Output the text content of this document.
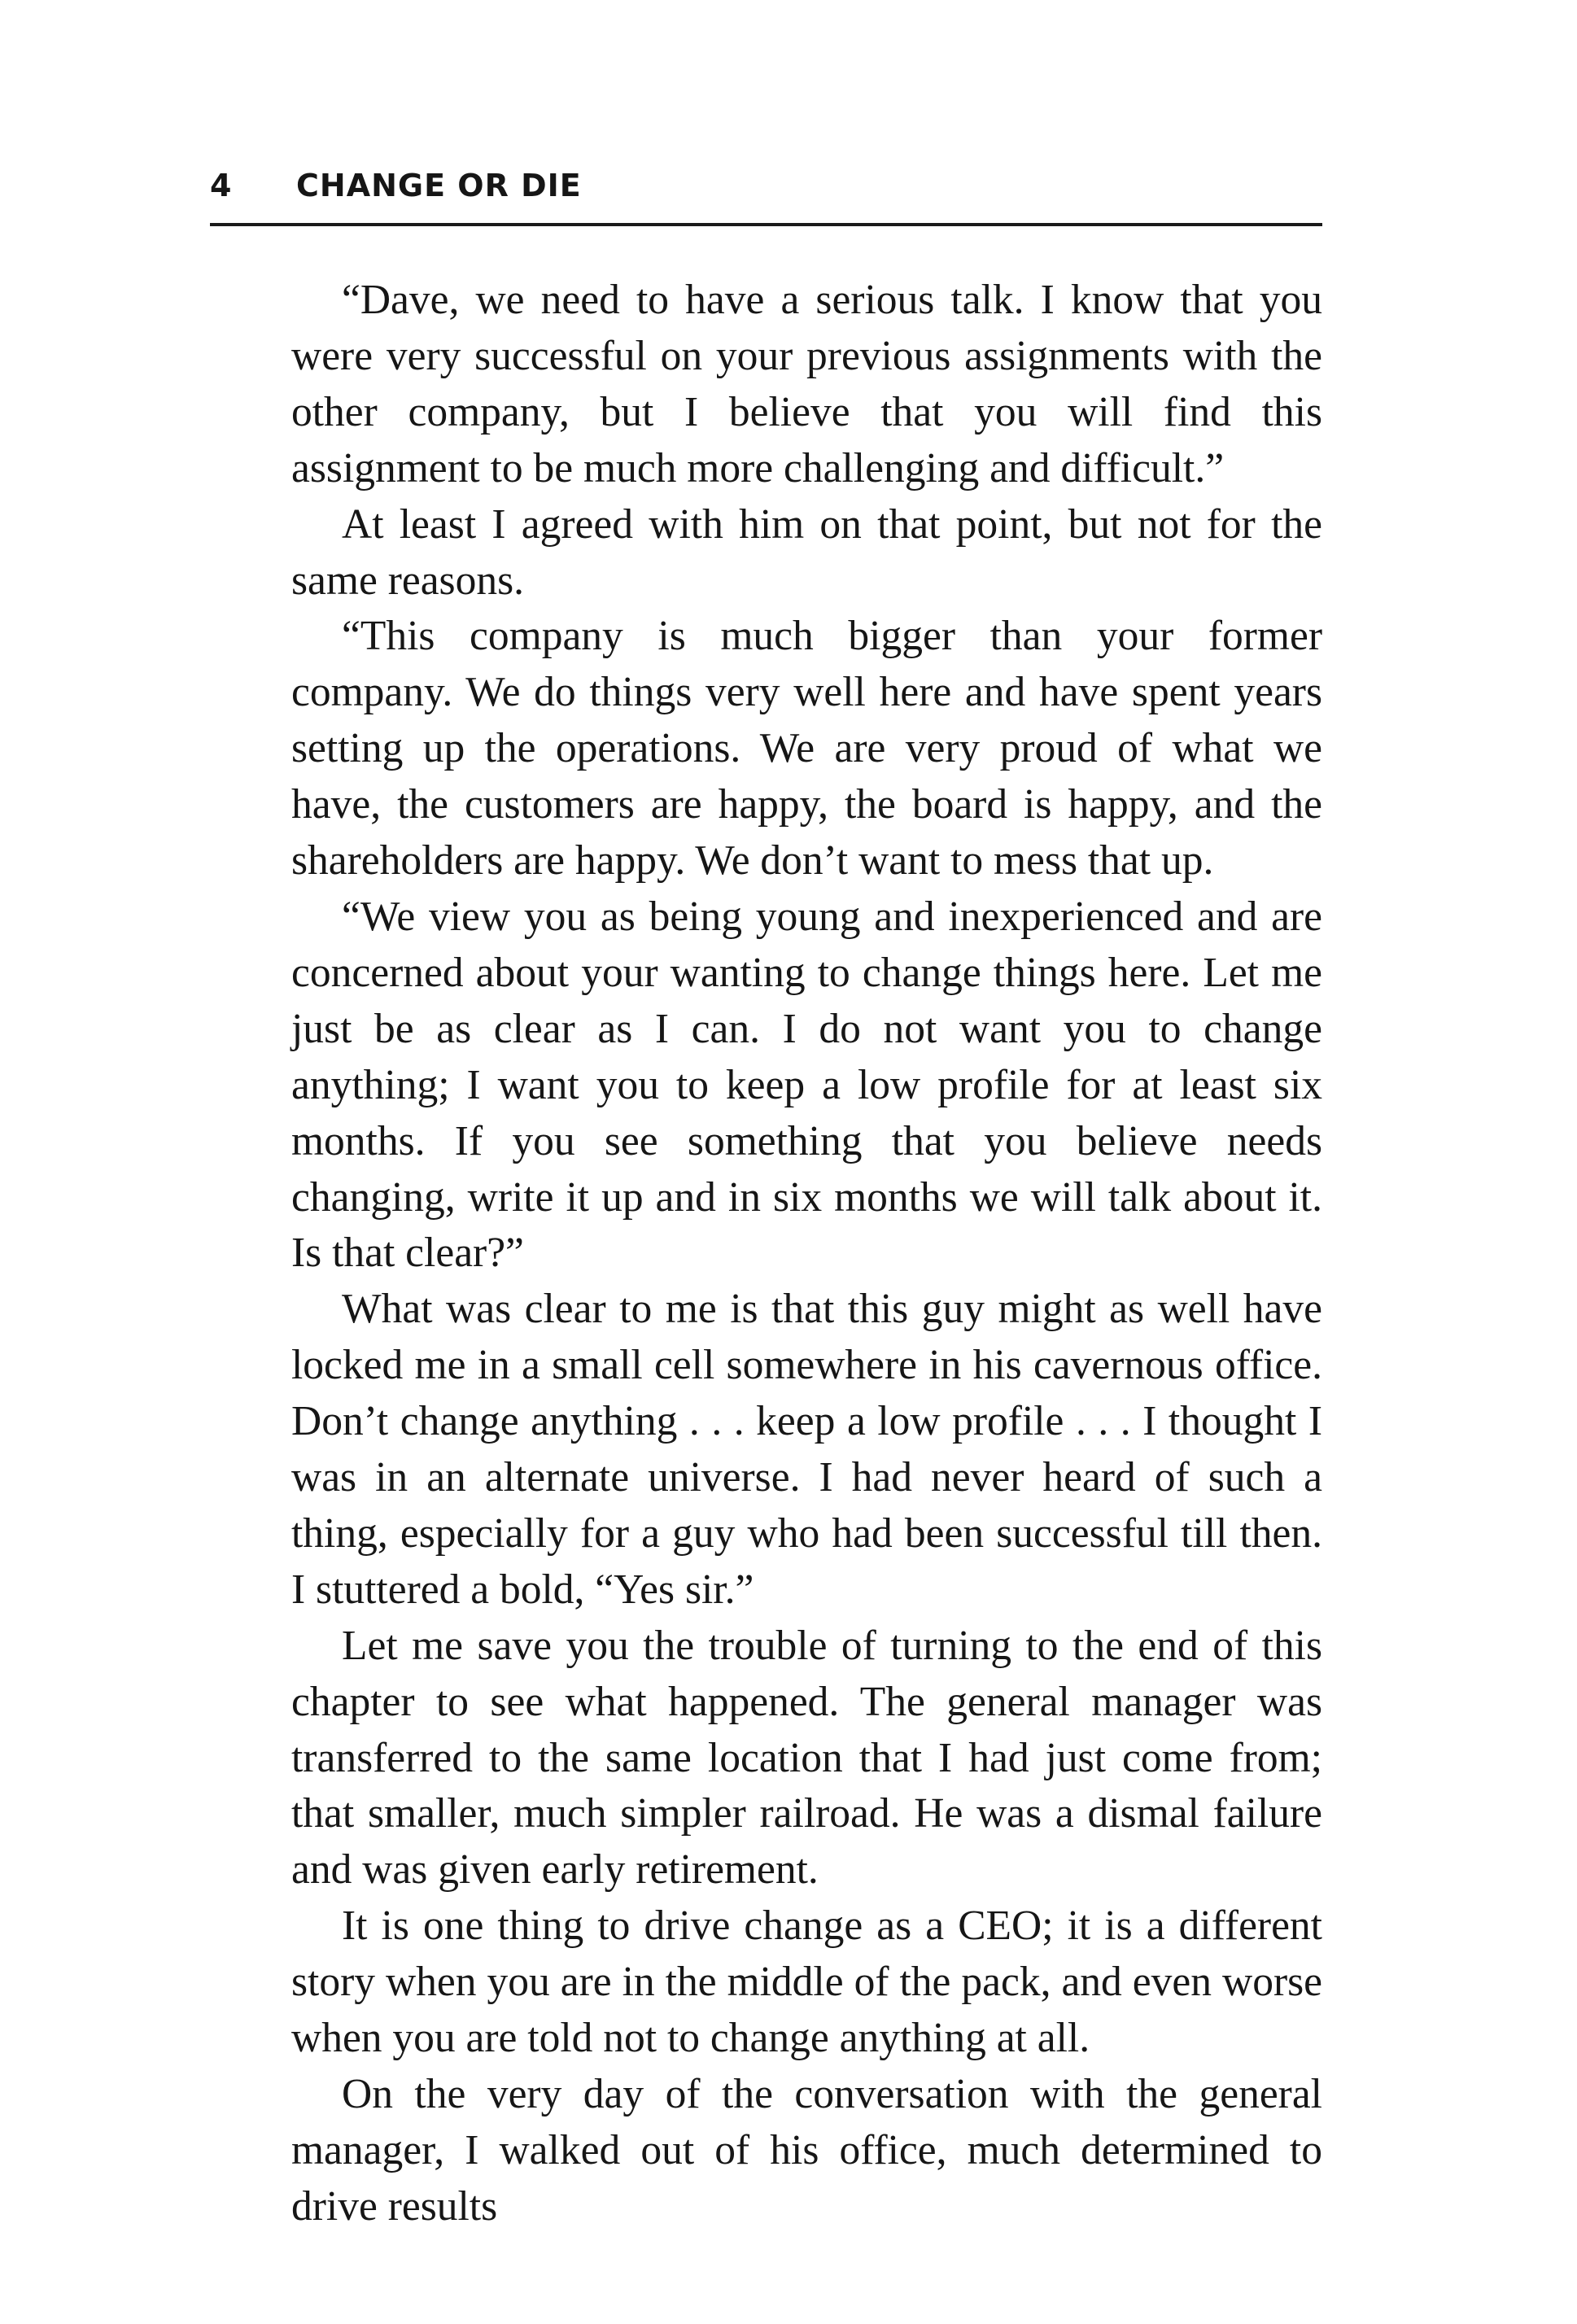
4 CHANGE OR DIE

“Dave, we need to have a serious talk. I know that you were very successful on your previous assignments with the other company, but I believe that you will find this assignment to be much more challenging and difficult.”

At least I agreed with him on that point, but not for the same reasons.

“This company is much bigger than your former company. We do things very well here and have spent years setting up the operations. We are very proud of what we have, the customers are happy, the board is happy, and the shareholders are happy. We don’t want to mess that up.

“We view you as being young and inexperienced and are concerned about your wanting to change things here. Let me just be as clear as I can. I do not want you to change anything; I want you to keep a low profile for at least six months. If you see something that you believe needs changing, write it up and in six months we will talk about it. Is that clear?”

What was clear to me is that this guy might as well have locked me in a small cell somewhere in his cavernous office. Don’t change anything . . . keep a low profile . . . I thought I was in an alternate universe. I had never heard of such a thing, especially for a guy who had been successful till then. I stuttered a bold, “Yes sir.”

Let me save you the trouble of turning to the end of this chapter to see what happened. The general manager was transferred to the same location that I had just come from; that smaller, much simpler railroad. He was a dismal failure and was given early retirement.

It is one thing to drive change as a CEO; it is a different story when you are in the middle of the pack, and even worse when you are told not to change anything at all.

On the very day of the conversation with the general manager, I walked out of his office, much determined to drive results
